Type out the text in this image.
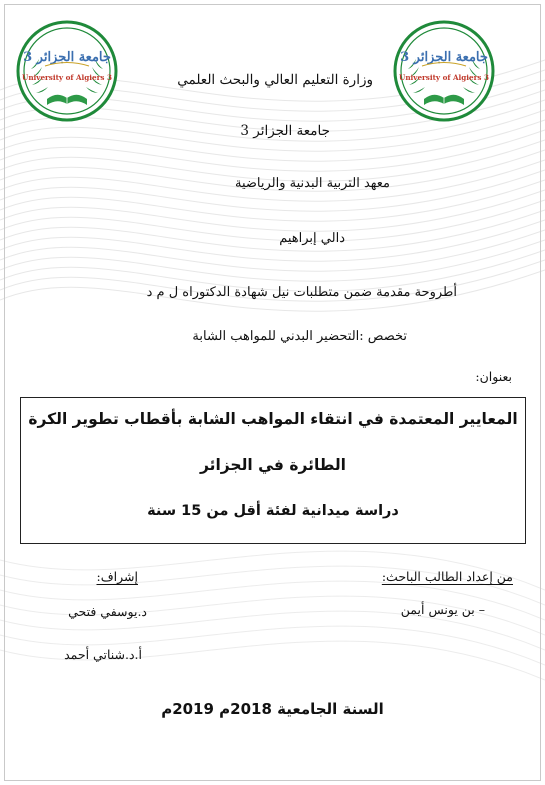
جامعة الجزائر 3
University of Algiers 3
جامعة الجزائر 3
University of Algiers 3
وزارة التعليم العالي والبحث العلمي
جامعة الجزائر 3
معهد التربية البدنية والرياضية
دالي إبراهيم
أطروحة مقدمة ضمن متطلبات نيل شهادة الدكتوراه ل م د
تخصص :التحضير البدني للمواهب الشابة
بعنوان:
المعايير المعتمدة في انتقاء المواهب الشابة بأقطاب تطوير الكرة
الطائرة في الجزائر
دراسة ميدانية لفئة أقل من 15 سنة
من إعداد الطالب الباحث:
إشراف:
– بن يونس أيمن
د.يوسفي فتحي
أ.د.شناتي أحمد
السنة الجامعية 2018م 2019م
